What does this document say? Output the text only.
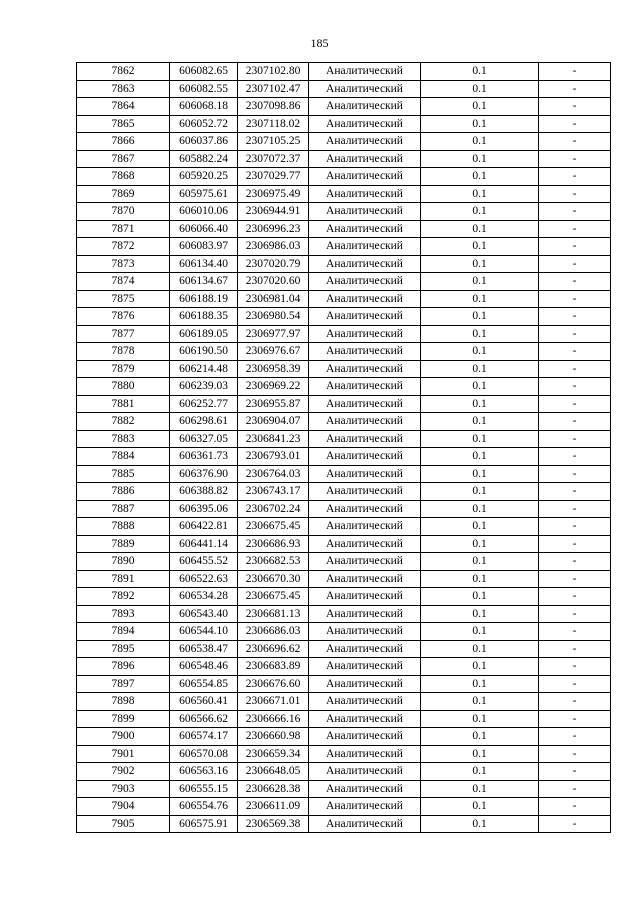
185
7862	606082.65	2307102.80	Аналитический	0.1	-
7863	606082.55	2307102.47	Аналитический	0.1	-
7864	606068.18	2307098.86	Аналитический	0.1	-
7865	606052.72	2307118.02	Аналитический	0.1	-
7866	606037.86	2307105.25	Аналитический	0.1	-
7867	605882.24	2307072.37	Аналитический	0.1	-
7868	605920.25	2307029.77	Аналитический	0.1	-
7869	605975.61	2306975.49	Аналитический	0.1	-
7870	606010.06	2306944.91	Аналитический	0.1	-
7871	606066.40	2306996.23	Аналитический	0.1	-
7872	606083.97	2306986.03	Аналитический	0.1	-
7873	606134.40	2307020.79	Аналитический	0.1	-
7874	606134.67	2307020.60	Аналитический	0.1	-
7875	606188.19	2306981.04	Аналитический	0.1	-
7876	606188.35	2306980.54	Аналитический	0.1	-
7877	606189.05	2306977.97	Аналитический	0.1	-
7878	606190.50	2306976.67	Аналитический	0.1	-
7879	606214.48	2306958.39	Аналитический	0.1	-
7880	606239.03	2306969.22	Аналитический	0.1	-
7881	606252.77	2306955.87	Аналитический	0.1	-
7882	606298.61	2306904.07	Аналитический	0.1	-
7883	606327.05	2306841.23	Аналитический	0.1	-
7884	606361.73	2306793.01	Аналитический	0.1	-
7885	606376.90	2306764.03	Аналитический	0.1	-
7886	606388.82	2306743.17	Аналитический	0.1	-
7887	606395.06	2306702.24	Аналитический	0.1	-
7888	606422.81	2306675.45	Аналитический	0.1	-
7889	606441.14	2306686.93	Аналитический	0.1	-
7890	606455.52	2306682.53	Аналитический	0.1	-
7891	606522.63	2306670.30	Аналитический	0.1	-
7892	606534.28	2306675.45	Аналитический	0.1	-
7893	606543.40	2306681.13	Аналитический	0.1	-
7894	606544.10	2306686.03	Аналитический	0.1	-
7895	606538.47	2306696.62	Аналитический	0.1	-
7896	606548.46	2306683.89	Аналитический	0.1	-
7897	606554.85	2306676.60	Аналитический	0.1	-
7898	606560.41	2306671.01	Аналитический	0.1	-
7899	606566.62	2306666.16	Аналитический	0.1	-
7900	606574.17	2306660.98	Аналитический	0.1	-
7901	606570.08	2306659.34	Аналитический	0.1	-
7902	606563.16	2306648.05	Аналитический	0.1	-
7903	606555.15	2306628.38	Аналитический	0.1	-
7904	606554.76	2306611.09	Аналитический	0.1	-
7905	606575.91	2306569.38	Аналитический	0.1	-
